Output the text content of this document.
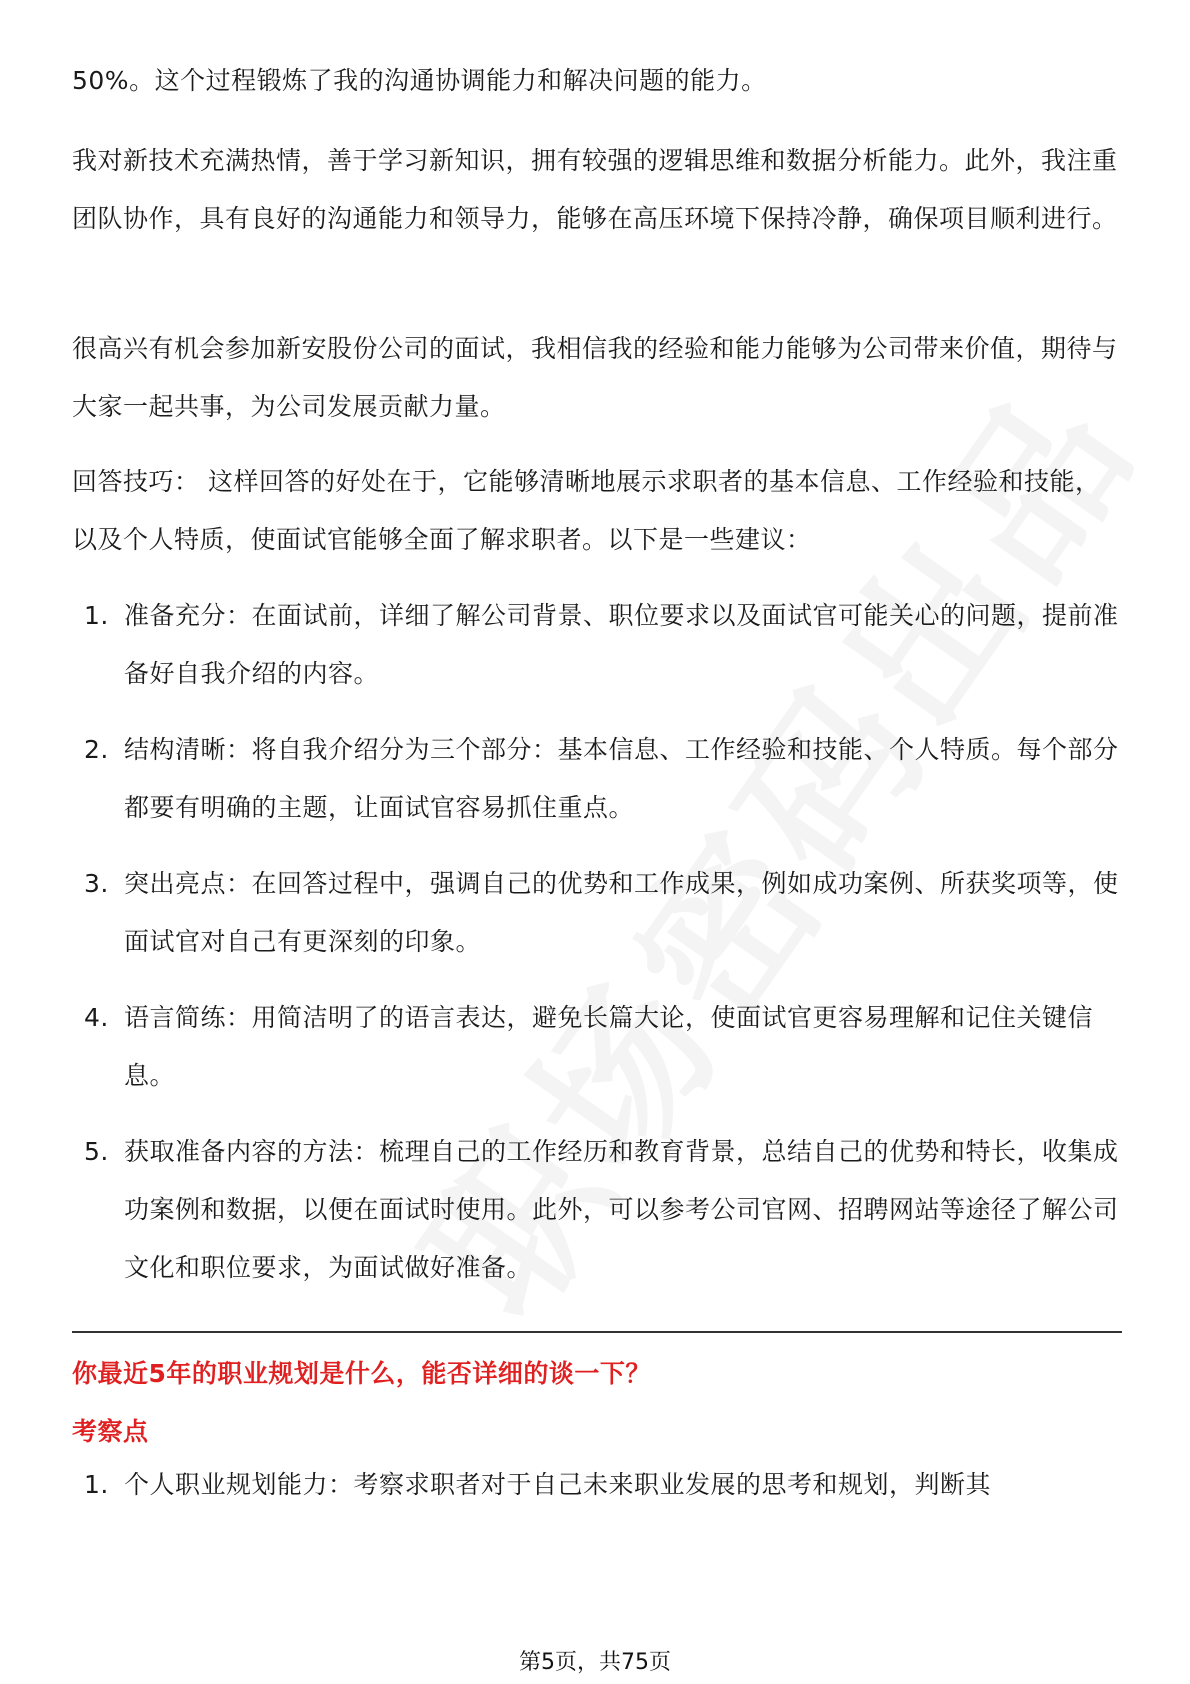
50%。这个过程锻炼了我的沟通协调能力和解决问题的能力。

我对新技术充满热情，善于学习新知识，拥有较强的逻辑思维和数据分析能力。此外，我注重团队协作，具有良好的沟通能力和领导力，能够在高压环境下保持冷静，确保项目顺利进行。

很高兴有机会参加新安股份公司的面试，我相信我的经验和能力能够为公司带来价值，期待与大家一起共事，为公司发展贡献力量。

回答技巧： 这样回答的好处在于，它能够清晰地展示求职者的基本信息、工作经验和技能，以及个人特质，使面试官能够全面了解求职者。以下是一些建议：

1. 准备充分：在面试前，详细了解公司背景、职位要求以及面试官可能关心的问题，提前准备好自我介绍的内容。

2. 结构清晰：将自我介绍分为三个部分：基本信息、工作经验和技能、个人特质。每个部分都要有明确的主题，让面试官容易抓住重点。

3. 突出亮点：在回答过程中，强调自己的优势和工作成果，例如成功案例、所获奖项等，使面试官对自己有更深刻的印象。

4. 语言简练：用简洁明了的语言表达，避免长篇大论，使面试官更容易理解和记住关键信息。

5. 获取准备内容的方法：梳理自己的工作经历和教育背景，总结自己的优势和特长，收集成功案例和数据，以便在面试时使用。此外，可以参考公司官网、招聘网站等途径了解公司文化和职位要求，为面试做好准备。

你最近5年的职业规划是什么，能否详细的谈一下？
考察点
1. 个人职业规划能力：考察求职者对于自己未来职业发展的思考和规划，判断其

第5页，共75页
